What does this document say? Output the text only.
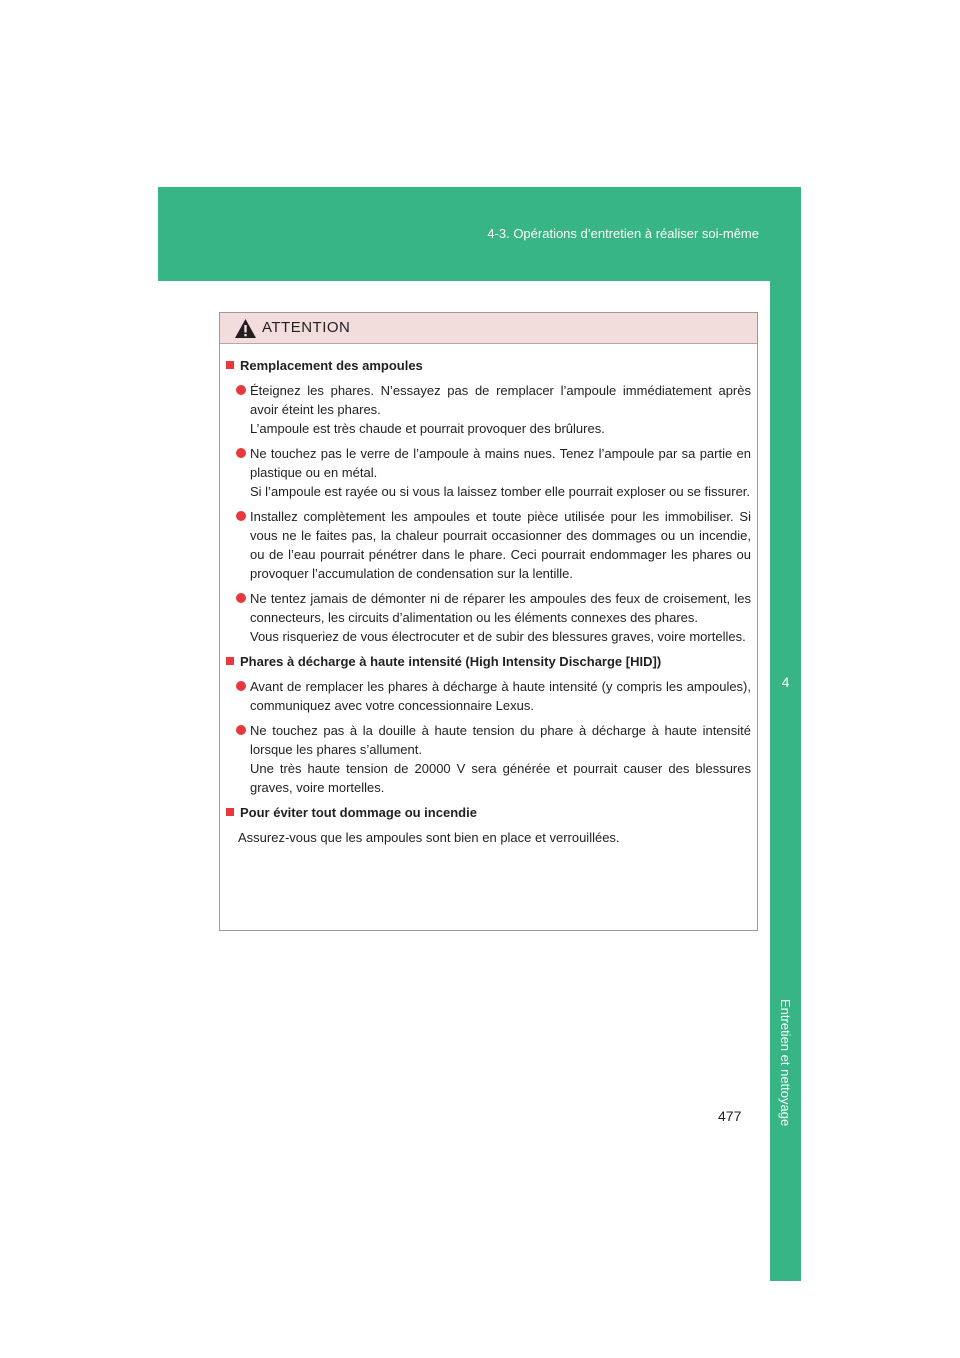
4-3. Opérations d’entretien à réaliser soi-même
4
Entretien et nettoyage
ATTENTION
Remplacement des ampoules
Éteignez les phares. N’essayez pas de remplacer l’ampoule immédiatement après avoir éteint les phares.
L’ampoule est très chaude et pourrait provoquer des brûlures.
Ne touchez pas le verre de l’ampoule à mains nues. Tenez l’ampoule par sa partie en plastique ou en métal.
Si l’ampoule est rayée ou si vous la laissez tomber elle pourrait exploser ou se fissurer.
Installez complètement les ampoules et toute pièce utilisée pour les immobiliser. Si vous ne le faites pas, la chaleur pourrait occasionner des dommages ou un incendie, ou de l’eau pourrait pénétrer dans le phare. Ceci pourrait endommager les phares ou provoquer l’accumulation de condensation sur la lentille.
Ne tentez jamais de démonter ni de réparer les ampoules des feux de croisement, les connecteurs, les circuits d’alimentation ou les éléments connexes des phares.
Vous risqueriez de vous électrocuter et de subir des blessures graves, voire mortelles.
Phares à décharge à haute intensité (High Intensity Discharge [HID])
Avant de remplacer les phares à décharge à haute intensité (y compris les ampoules), communiquez avec votre concessionnaire Lexus.
Ne touchez pas à la douille à haute tension du phare à décharge à haute intensité lorsque les phares s’allument.
Une très haute tension de 20000 V sera générée et pourrait causer des blessures graves, voire mortelles.
Pour éviter tout dommage ou incendie
Assurez-vous que les ampoules sont bien en place et verrouillées.
477
